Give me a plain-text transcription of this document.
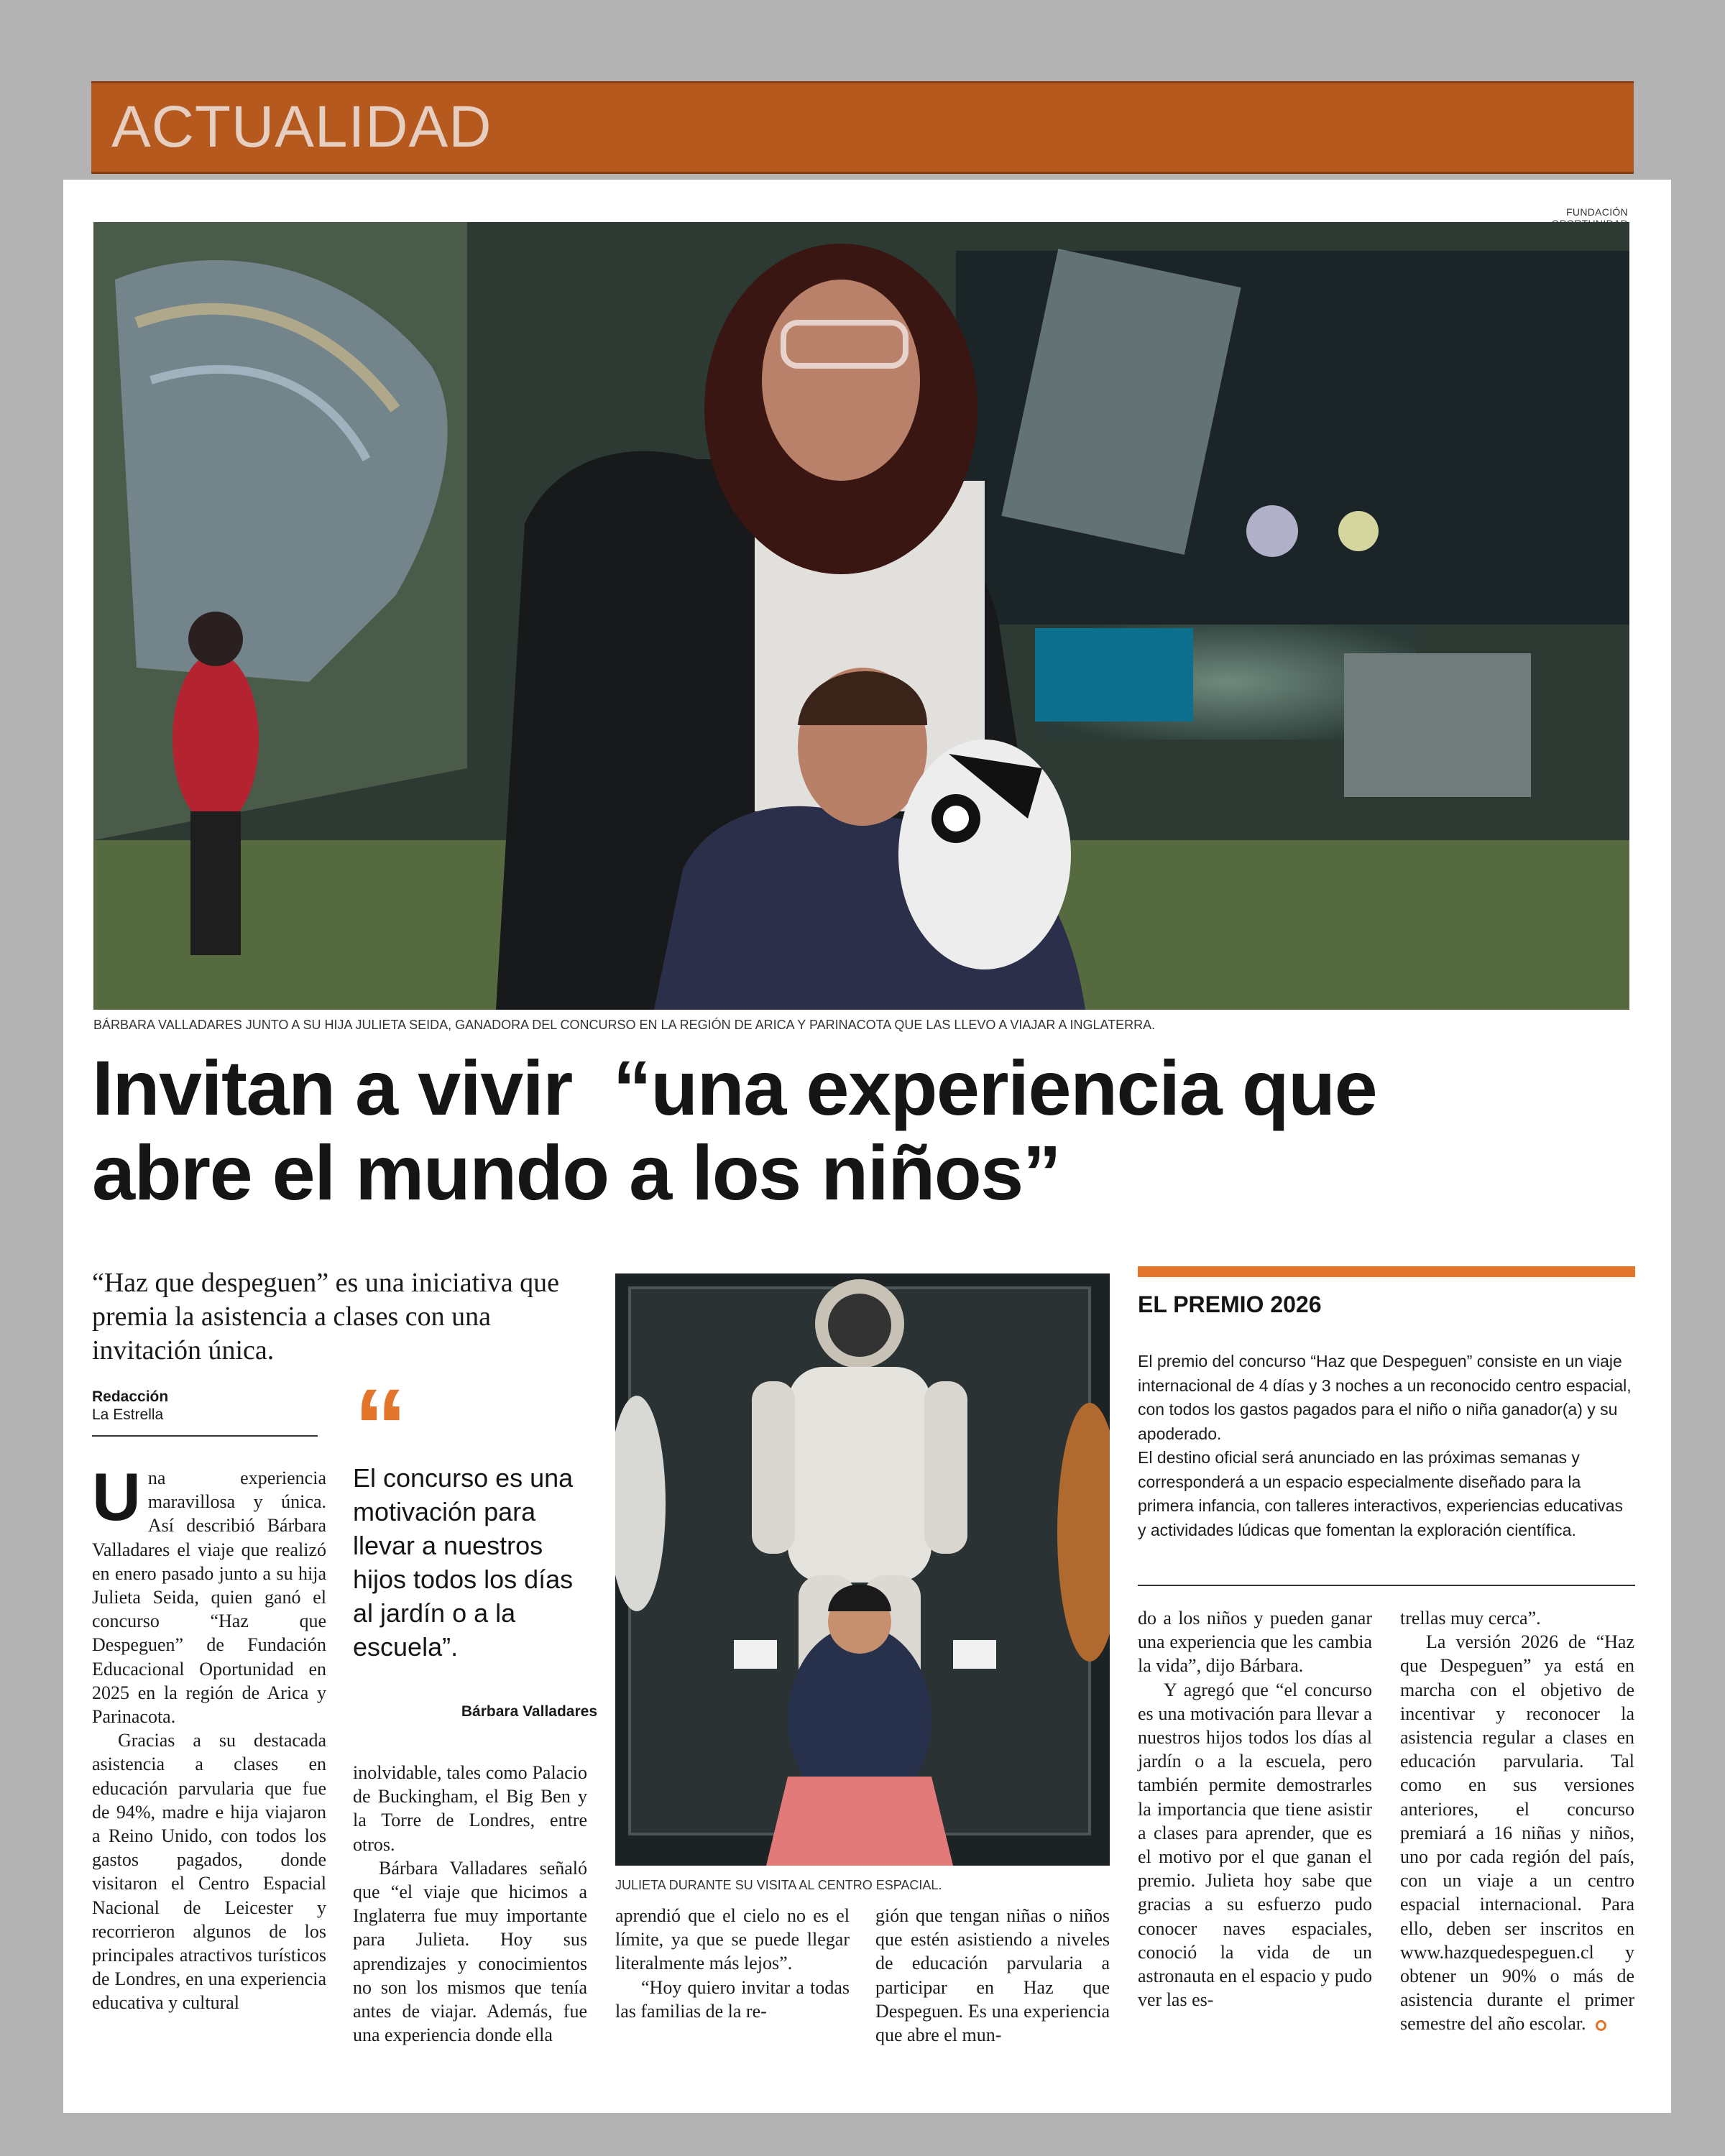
ACTUALIDAD
FUNDACIÓN
BÁRBARA VALLADARES JUNTO A SU HIJA JULIETA SEIDA, GANADORA DEL CONCURSO EN LA REGIÓN DE ARICA Y PARINACOTA QUE LAS LLEVO A VIAJAR A INGLATERRA.
Invitan a vivir  “una experiencia que
abre el mundo a los niños”
“Haz que despeguen” es una iniciativa que premia la asistencia a clases con una invitación única.
Redacción
La Estrella

Una experiencia maravillosa y única. Así describió Bárbara Valladares el viaje que realizó en enero pasado junto a su hija Julieta Seida, quien ganó el concurso “Haz que Despeguen” de Fundación Educacional Oportunidad en 2025 en la región de Arica y Parinacota.

Gracias a su destacada asistencia a clases en educación parvularia que fue de 94%, madre e hija viajaron a Reino Unido, con todos los gastos pagados, donde visitaron el Centro Espacial Nacional de Leicester y recorrieron algunos de los principales atractivos turísticos de Londres, en una experiencia educativa y cultural

“
El concurso es una motivación para llevar a nuestros hijos todos los días al jardín o a la escuela”.
Bárbara Valladares

inolvidable, tales como Palacio de Buckingham, el Big Ben y la Torre de Londres, entre otros.

Bárbara Valladares señaló que “el viaje que hicimos a Inglaterra fue muy importante para Julieta. Hoy sus aprendizajes y conocimientos no son los mismos que tenía antes de viajar. Además, fue una experiencia donde ella

JULIETA DURANTE SU VISITA AL CENTRO ESPACIAL.

aprendió que el cielo no es el límite, ya que se puede llegar literalmente más lejos”.

“Hoy quiero invitar a todas las familias de la re-

gión que tengan niñas o niños que estén asistiendo a niveles de educación parvularia a participar en Haz que Despeguen. Es una experiencia que abre el mun-

EL PREMIO 2026

El premio del concurso “Haz que Despeguen” consiste en un viaje internacional de 4 días y 3 noches a un reconocido centro espacial, con todos los gastos pagados para el niño o niña ganador(a) y su apoderado.

El destino oficial será anunciado en las próximas semanas y corresponderá a un espacio especialmente diseñado para la primera infancia, con talleres interactivos, experiencias educativas y actividades lúdicas que fomentan la exploración científica.

do a los niños y pueden ganar una experiencia que les cambia la vida”, dijo Bárbara.

Y agregó que “el concurso es una motivación para llevar a nuestros hijos todos los días al jardín o a la escuela, pero también permite demostrarles la importancia que tiene asistir a clases para aprender, que es el motivo por el que ganan el premio. Julieta hoy sabe que gracias a su esfuerzo pudo conocer naves espaciales, conoció la vida de un astronauta en el espacio y pudo ver las es-

trellas muy cerca”.

La versión 2026 de “Haz que Despeguen” ya está en marcha con el objetivo de incentivar y reconocer la asistencia regular a clases en educación parvularia. Tal como en sus versiones anteriores, el concurso premiará a 16 niñas y niños, uno por cada región del país, con un viaje a un centro espacial internacional. Para ello, deben ser inscritos en www.hazquedespeguen.cl y obtener un 90% o más de asistencia durante el primer semestre del año escolar.
